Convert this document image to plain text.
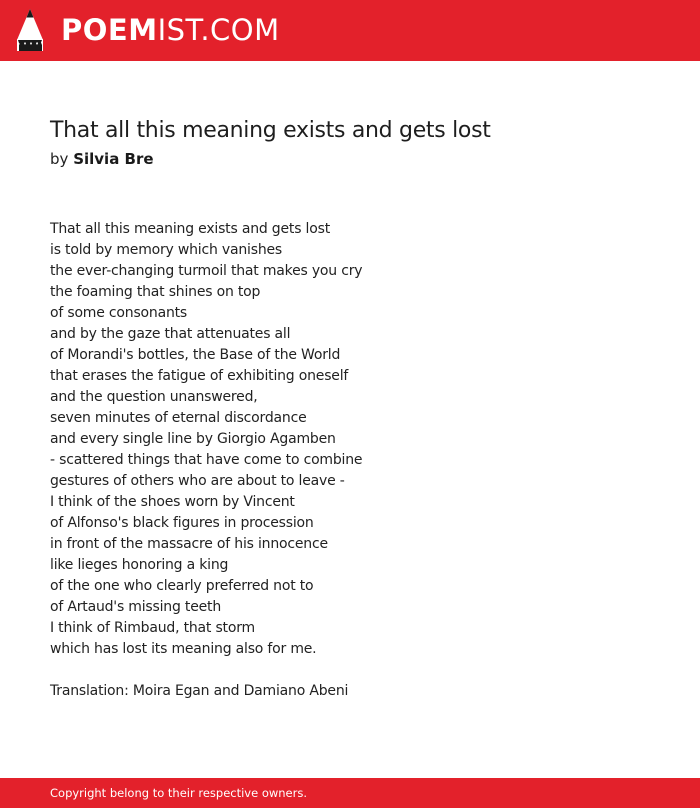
POEMIST.COM
That all this meaning exists and gets lost
by Silvia Bre
That all this meaning exists and gets lost
is told by memory which vanishes
the ever-changing turmoil that makes you cry
the foaming that shines on top
of some consonants
and by the gaze that attenuates all
of Morandi's bottles, the Base of the World
that erases the fatigue of exhibiting oneself
and the question unanswered,
seven minutes of eternal discordance
and every single line by Giorgio Agamben
- scattered things that have come to combine
gestures of others who are about to leave -
I think of the shoes worn by Vincent
of Alfonso's black figures in procession
in front of the massacre of his innocence
like lieges honoring a king
of the one who clearly preferred not to
of Artaud's missing teeth
I think of Rimbaud, that storm
which has lost its meaning also for me.
Translation: Moira Egan and Damiano Abeni
Copyright belong to their respective owners.
